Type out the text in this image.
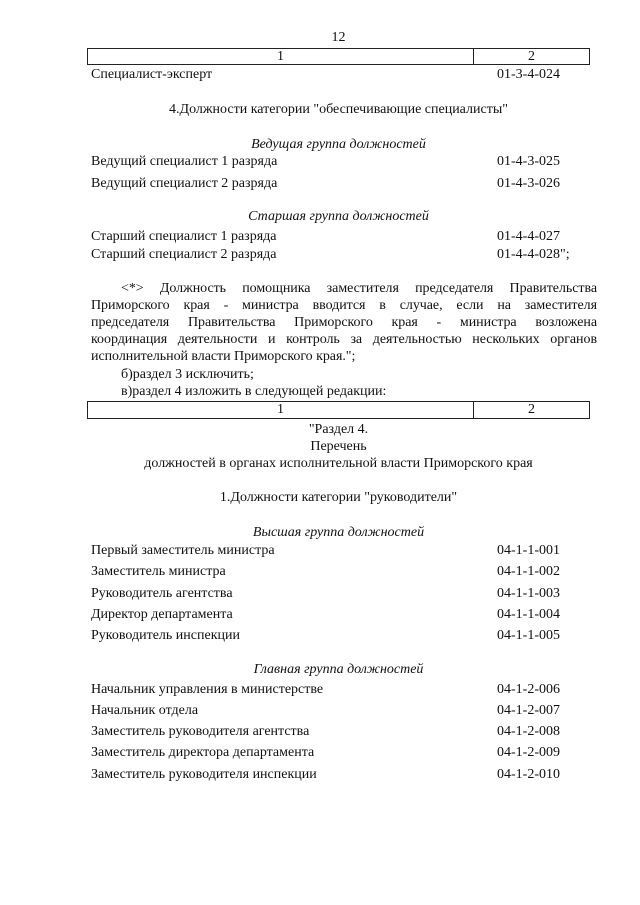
12
1	2
Специалист-эксперт	01-3-4-024
4.Должности категории "обеспечивающие специалисты"
Ведущая группа должностей
Ведущий специалист 1 разряда	01-4-3-025
Ведущий специалист 2 разряда	01-4-3-026
Старшая группа должностей
Старший специалист 1 разряда	01-4-4-027
Старший специалист 2 разряда	01-4-4-028";
<*> Должность помощника заместителя председателя Правительства
Приморского края - министра вводится в случае, если на заместителя
председателя Правительства Приморского края - министра возложена
координация деятельности и контроль за деятельностью нескольких органов
исполнительной власти Приморского края.";
б)раздел 3 исключить;
в)раздел 4 изложить в следующей редакции:
1	2
"Раздел 4.
Перечень
должностей в органах исполнительной власти Приморского края
1.Должности категории "руководители"
Высшая группа должностей
Первый заместитель министра	04-1-1-001
Заместитель министра	04-1-1-002
Руководитель агентства	04-1-1-003
Директор департамента	04-1-1-004
Руководитель инспекции	04-1-1-005
Главная группа должностей
Начальник управления в министерстве	04-1-2-006
Начальник отдела	04-1-2-007
Заместитель руководителя агентства	04-1-2-008
Заместитель директора департамента	04-1-2-009
Заместитель руководителя инспекции	04-1-2-010
